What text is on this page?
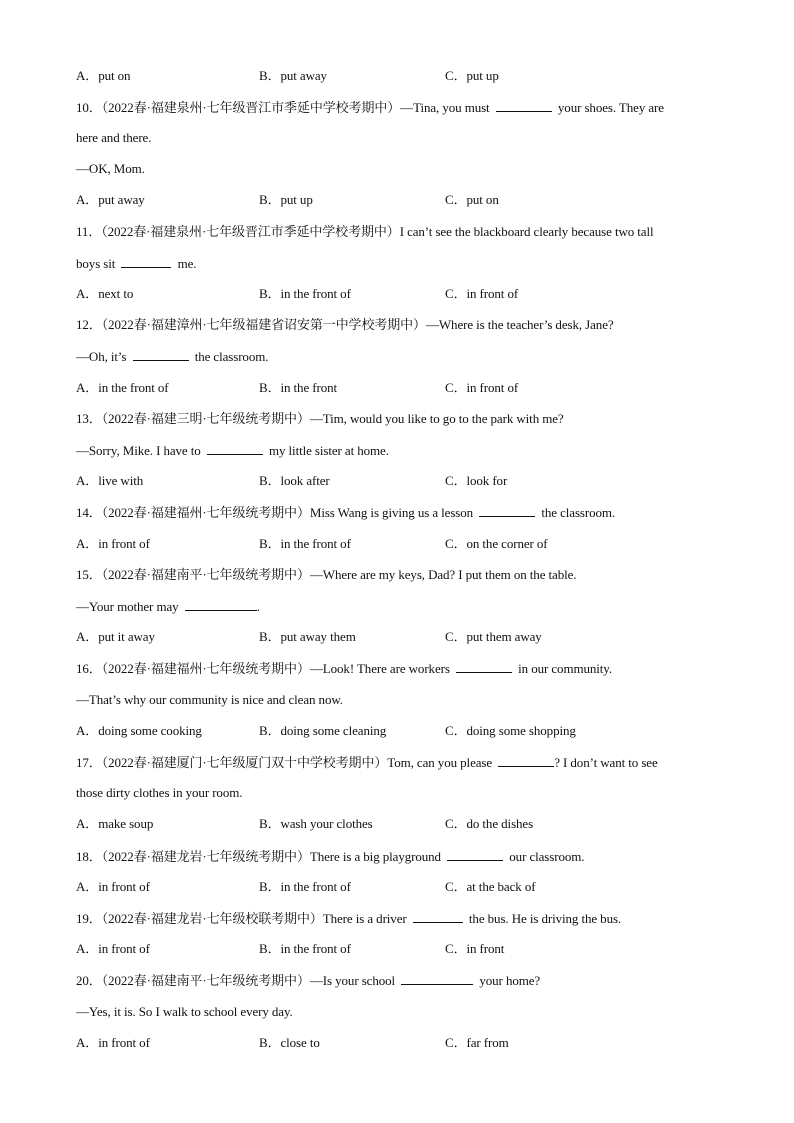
A．put on	B．put away	C．put up
10．（2022春·福建泉州·七年级晋江市季延中学校考期中）—Tina, you must	your shoes. They are
here and there.
—OK, Mom.
A．put away	B．put up	C．put on
11．（2022春·福建泉州·七年级晋江市季延中学校考期中）I can’t see the blackboard clearly because two tall
boys sit	me.
A．next to	B．in the front of	C．in front of
12．（2022春·福建漳州·七年级福建省诏安第一中学校考期中）—Where is the teacher’s desk, Jane?
—Oh, it’s	the classroom.
A．in the front of	B．in the front	C．in front of
13．（2022春·福建三明·七年级统考期中）—Tim, would you like to go to the park with me?
—Sorry, Mike. I have to	my little sister at home.
A．live with	B．look after	C．look for
14．（2022春·福建福州·七年级统考期中）Miss Wang is giving us a lesson	the classroom.
A．in front of	B．in the front of	C．on the corner of
15．（2022春·福建南平·七年级统考期中）—Where are my keys, Dad? I put them on the table.
—Your mother may	.
A．put it away	B．put away them	C．put them away
16．（2022春·福建福州·七年级统考期中）—Look! There are workers	in our community.
—That’s why our community is nice and clean now.
A．doing some cooking	B．doing some cleaning	C．doing some shopping
17．（2022春·福建厦门·七年级厦门双十中学校考期中）Tom, can you please	? I don’t want to see
those dirty clothes in your room.
A．make soup	B．wash your clothes	C．do the dishes
18．（2022春·福建龙岩·七年级统考期中）There is a big playground	our classroom.
A．in front of	B．in the front of	C．at the back of
19．（2022春·福建龙岩·七年级校联考期中）There is a driver	the bus. He is driving the bus.
A．in front of	B．in the front of	C．in front
20．（2022春·福建南平·七年级统考期中）—Is your school	your home?
—Yes, it is. So I walk to school every day.
A．in front of	B．close to	C．far from
